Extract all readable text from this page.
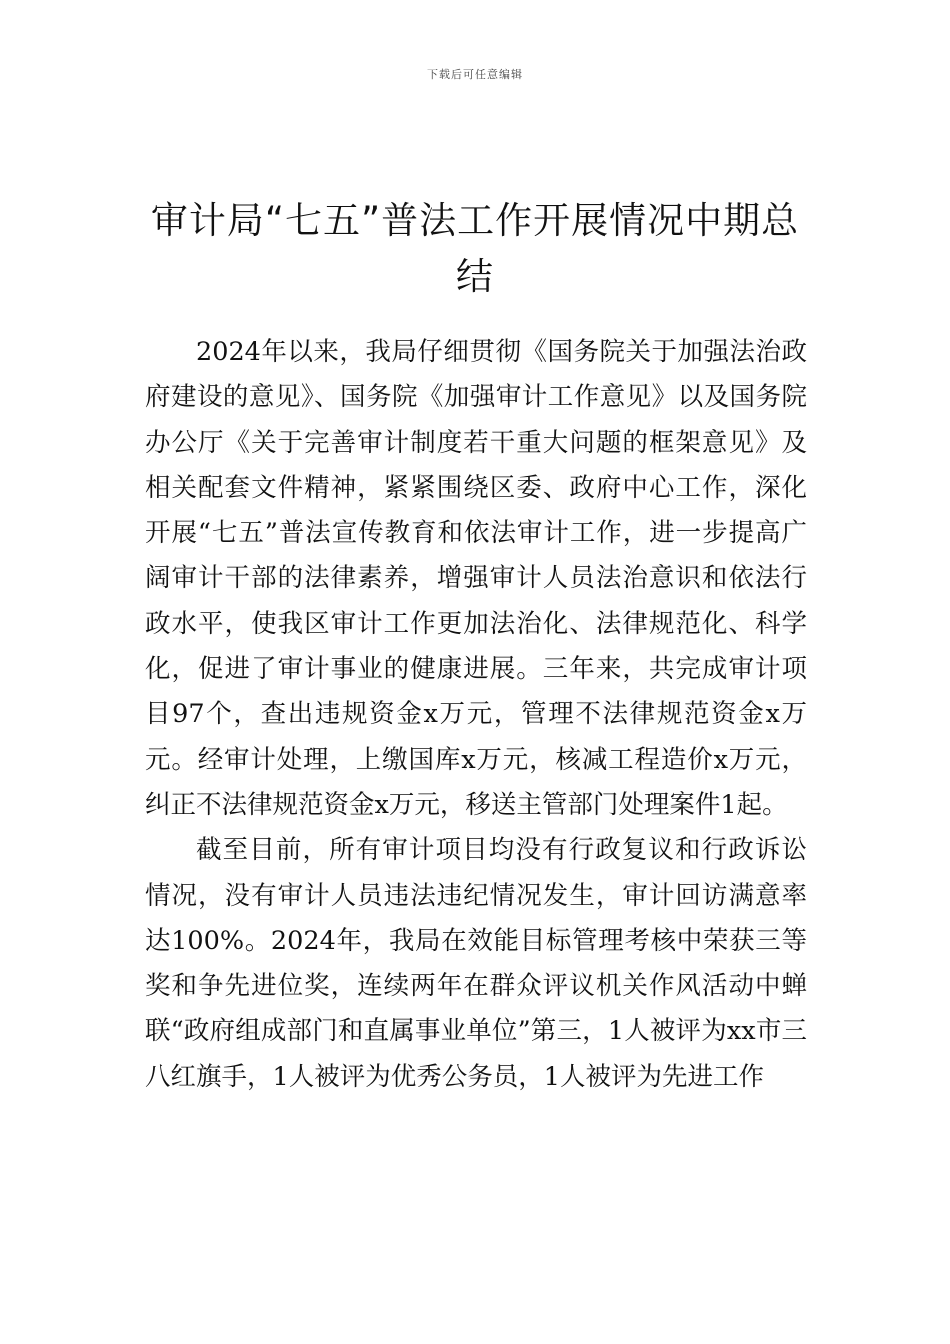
下载后可任意编辑
审计局“七五”普法工作开展情况中期总结

2024年以来，我局仔细贯彻《国务院关于加强法治政府建设的意见》、国务院《加强审计工作意见》以及国务院办公厅《关于完善审计制度若干重大问题的框架意见》及相关配套文件精神，紧紧围绕区委、政府中心工作，深化开展“七五”普法宣传教育和依法审计工作，进一步提高广阔审计干部的法律素养，增强审计人员法治意识和依法行政水平，使我区审计工作更加法治化、法律规范化、科学化，促进了审计事业的健康进展。三年来，共完成审计项目97个，查出违规资金x万元，管理不法律规范资金x万元。经审计处理，上缴国库x万元，核减工程造价x万元，纠正不法律规范资金x万元，移送主管部门处理案件1起。

截至目前，所有审计项目均没有行政复议和行政诉讼情况，没有审计人员违法违纪情况发生，审计回访满意率达100%。2024年，我局在效能目标管理考核中荣获三等奖和争先进位奖，连续两年在群众评议机关作风活动中蝉联“政府组成部门和直属事业单位”第三，1人被评为xx市三八红旗手，1人被评为优秀公务员，1人被评为先进工作
